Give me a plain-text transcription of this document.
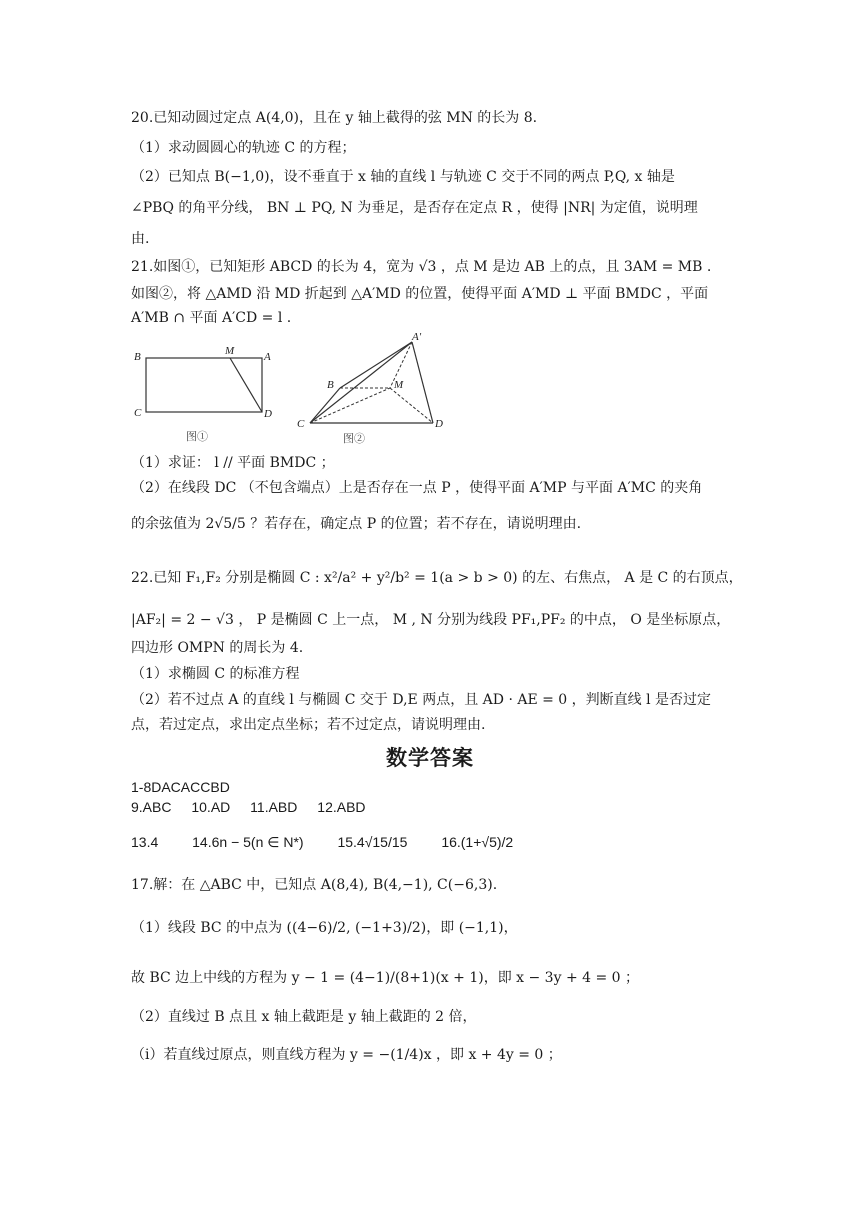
20.已知动圆过定点 A(4,0)，且在 y 轴上截得的弦 MN 的长为 8.
（1）求动圆圆心的轨迹 C 的方程；
（2）已知点 B(−1,0)，设不垂直于 x 轴的直线 l 与轨迹 C 交于不同的两点 P,Q, x 轴是
∠PBQ 的角平分线， BN ⊥ PQ, N 为垂足，是否存在定点 R ，使得 |NR| 为定值，说明理
由.
21.如图①，已知矩形 ABCD 的长为 4，宽为 √3 ，点 M 是边 AB 上的点，且 3AM = MB .
如图②，将 △AMD 沿 MD 折起到 △A′MD 的位置，使得平面 A′MD ⊥ 平面 BMDC ，平面
A′MB ∩ 平面 A′CD = l .
B	M	A
C	D
图①
A′
B	M
C	D
图②
（1）求证： l // 平面 BMDC ；
（2）在线段 DC （不包含端点）上是否存在一点 P ，使得平面 A′MP 与平面 A′MC 的夹角
的余弦值为 2√5/5 ？若存在，确定点 P 的位置；若不存在，请说明理由.
22.已知 F₁,F₂ 分别是椭圆 C : x²/a² + y²/b² = 1(a > b > 0) 的左、右焦点， A 是 C 的右顶点，
|AF₂| = 2 − √3 ， P 是椭圆 C 上一点， M , N 分别为线段 PF₁,PF₂ 的中点， O 是坐标原点，
四边形 OMPN 的周长为 4.
（1）求椭圆 C 的标准方程
（2）若不过点 A 的直线 l 与椭圆 C 交于 D,E 两点，且 AD · AE = 0 ，判断直线 l 是否过定
点，若过定点，求出定点坐标；若不过定点，请说明理由.
数学答案
1-8DACACCBD
9.ABC 10.AD 11.ABD 12.ABD
13.4 14.6n − 5(n ∈ N*) 15.4√15/15 16.(1+√5)/2
17.解：在 △ABC 中，已知点 A(8,4), B(4,−1), C(−6,3).
（1）线段 BC 的中点为 ((4−6)/2, (−1+3)/2)，即 (−1,1)，
故 BC 边上中线的方程为 y − 1 = (4−1)/(8+1)(x + 1)，即 x − 3y + 4 = 0 ；
（2）直线过 B 点且 x 轴上截距是 y 轴上截距的 2 倍，
（i）若直线过原点，则直线方程为 y = −(1/4)x ，即 x + 4y = 0 ；
